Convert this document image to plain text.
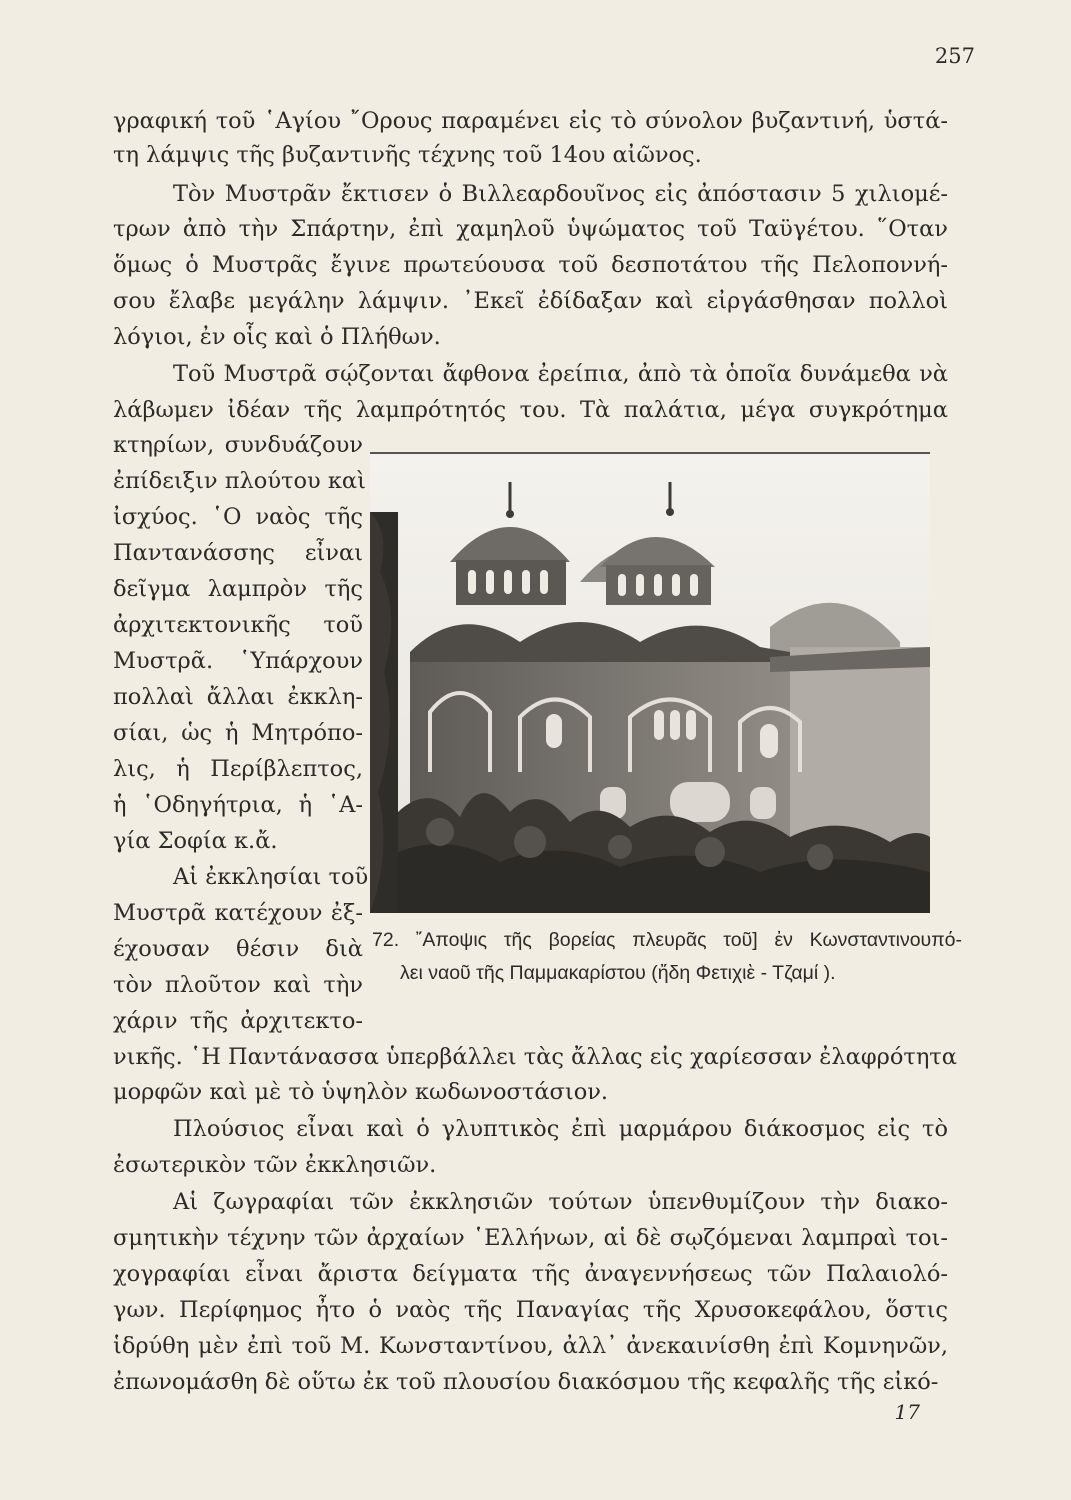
257
γραφική τοῦ ῾Αγίου ῎Ορους παραμένει εἰς τὸ σύνολον βυζαντινή, ὑστά-
τη λάμψις τῆς βυζαντινῆς τέχνης τοῦ 14ου αἰῶνος.
Τὸν Μυστρᾶν ἔκτισεν ὁ Βιλλεαρδουῖνος εἰς ἀπόστασιν 5 χιλιομέ-
τρων ἀπὸ τὴν Σπάρτην, ἐπὶ χαμηλοῦ ὑψώματος τοῦ Ταϋγέτου. ῞Οταν
ὅμως ὁ Μυστρᾶς ἔγινε πρωτεύουσα τοῦ δεσποτάτου τῆς Πελοποννή-
σου ἔλαβε μεγάλην λάμψιν. ᾿Εκεῖ ἐδίδαξαν καὶ εἰργάσθησαν πολλοὶ
λόγιοι, ἐν οἷς καὶ ὁ Πλήθων.
Τοῦ Μυστρᾶ σῴζονται ἄφθονα ἐρείπια, ἀπὸ τὰ ὁποῖα δυνάμεθα νὰ
λάβωμεν ἰδέαν τῆς λαμπρότητός του. Τὰ παλάτια, μέγα συγκρότημα
κτηρίων, συνδυάζουν
ἐπίδειξιν πλούτου καὶ
ἰσχύος. ῾Ο ναὸς τῆς
Παντανάσσης εἶναι
δεῖγμα λαμπρὸν τῆς
ἀρχιτεκτονικῆς τοῦ
Μυστρᾶ. ῾Υπάρχουν
πολλαὶ ἄλλαι ἐκκλη-
σίαι, ὡς ἡ Μητρόπο-
λις, ἡ Περίβλεπτος,
ἡ ῾Οδηγήτρια, ἡ ῾Α-
γία Σοφία κ.ἄ.
Αἱ ἐκκλησίαι τοῦ
Μυστρᾶ κατέχουν ἐξ-
έχουσαν θέσιν διὰ
τὸν πλοῦτον καὶ τὴν
χάριν τῆς ἀρχιτεκτο-
72. ῎Αποψις τῆς βορείας πλευρᾶς τοῦ] ἐν Κωνσταντινουπό-
λει ναοῦ τῆς Παμμακαρίστου (ἤδη Φετιχιὲ - Τζαμί ).
νικῆς. ῾Η Παντάνασσα ὑπερβάλλει τὰς ἄλλας εἰς χαρίεσσαν ἐλαφρότητα
μορφῶν καὶ μὲ τὸ ὑψηλὸν κωδωνοστάσιον.
Πλούσιος εἶναι καὶ ὁ γλυπτικὸς ἐπὶ μαρμάρου διάκοσμος εἰς τὸ
ἐσωτερικὸν τῶν ἐκκλησιῶν.
Αἱ ζωγραφίαι τῶν ἐκκλησιῶν τούτων ὑπενθυμίζουν τὴν διακο-
σμητικὴν τέχνην τῶν ἀρχαίων ῾Ελλήνων, αἱ δὲ σῳζόμεναι λαμπραὶ τοι-
χογραφίαι εἶναι ἄριστα δείγματα τῆς ἀναγεννήσεως τῶν Παλαιολό-
γων. Περίφημος ἦτο ὁ ναὸς τῆς Παναγίας τῆς Χρυσοκεφάλου, ὅστις
ἱδρύθη μὲν ἐπὶ τοῦ Μ. Κωνσταντίνου, ἀλλ᾿ ἀνεκαινίσθη ἐπὶ Κομνηνῶν,
ἐπωνομάσθη δὲ οὕτω ἐκ τοῦ πλουσίου διακόσμου τῆς κεφαλῆς τῆς εἰκό-
17
